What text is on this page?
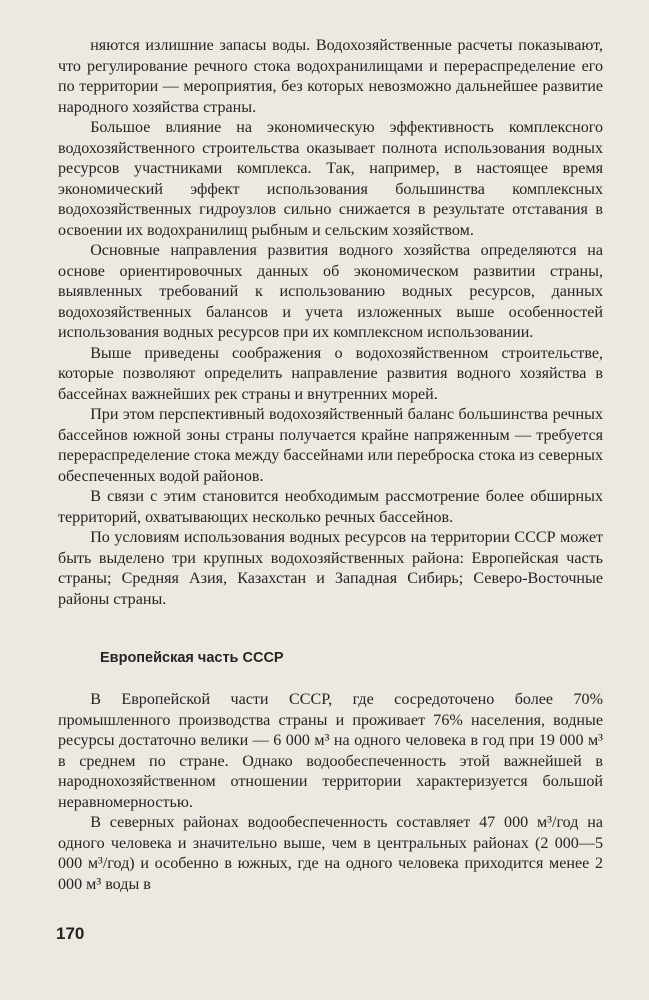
няются излишние запасы воды. Водохозяйственные расчеты показывают, что регулирование речного стока водохранилищами и перераспределение его по территории — мероприятия, без которых невозможно дальнейшее развитие народного хозяйства страны.

Большое влияние на экономическую эффективность комплексного водохозяйственного строительства оказывает полнота использования водных ресурсов участниками комплекса. Так, например, в настоящее время экономический эффект использования большинства комплексных водохозяйственных гидроузлов сильно снижается в результате отставания в освоении их водохранилищ рыбным и сельским хозяйством.

Основные направления развития водного хозяйства определяются на основе ориентировочных данных об экономическом развитии страны, выявленных требований к использованию водных ресурсов, данных водохозяйственных балансов и учета изложенных выше особенностей использования водных ресурсов при их комплексном использовании.

Выше приведены соображения о водохозяйственном строительстве, которые позволяют определить направление развития водного хозяйства в бассейнах важнейших рек страны и внутренних морей.

При этом перспективный водохозяйственный баланс большинства речных бассейнов южной зоны страны получается крайне напряженным — требуется перераспределение стока между бассейнами или переброска стока из северных обеспеченных водой районов.

В связи с этим становится необходимым рассмотрение более обширных территорий, охватывающих несколько речных бассейнов.

По условиям использования водных ресурсов на территории СССР может быть выделено три крупных водохозяйственных района: Европейская часть страны; Средняя Азия, Казахстан и Западная Сибирь; Северо-Восточные районы страны.

Европейская часть СССР

В Европейской части СССР, где сосредоточено более 70% промышленного производства страны и проживает 76% населения, водные ресурсы достаточно велики — 6 000 м³ на одного человека в год при 19 000 м³ в среднем по стране. Однако водообеспеченность этой важнейшей в народнохозяйственном отношении территории характеризуется большой неравномерностью.

В северных районах водообеспеченность составляет 47 000 м³/год на одного человека и значительно выше, чем в центральных районах (2 000—5 000 м³/год) и особенно в южных, где на одного человека приходится менее 2 000 м³ воды в

170
